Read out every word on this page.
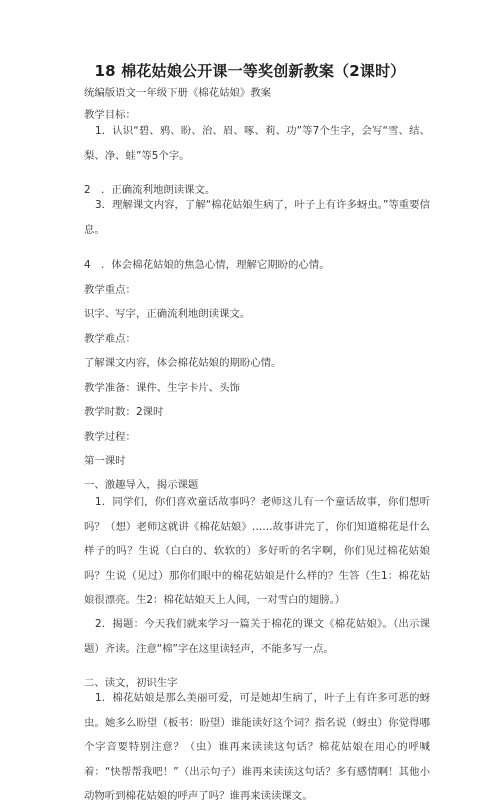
18 棉花姑娘公开课一等奖创新教案（2课时）
统编版语文一年级下册《棉花姑娘》教案
教学目标：
1．认识“碧、鸦、盼、治、眉、啄、莉、功”等7个生字，会写“雪、结、梨、净、蛙”等5个字。
2　．正确流利地朗读课文。
3．理解课文内容，了解“棉花姑娘生病了，叶子上有许多蚜虫。”等重要信息。
4　．体会棉花姑娘的焦急心情，理解它期盼的心情。
教学重点：
识字、写字，正确流利地朗读课文。
教学难点：
了解课文内容，体会棉花姑娘的期盼心情。
教学准备：课件、生字卡片、头饰
教学时数：2课时
教学过程：
第一课时
一、激趣导入，揭示课题
1．同学们，你们喜欢童话故事吗？老师这儿有一个童话故事，你们想听吗？（想）老师这就讲《棉花姑娘》……故事讲完了，你们知道棉花是什么样子的吗？生说（白白的、软软的）多好听的名字啊，你们见过棉花姑娘吗？生说（见过）那你们眼中的棉花姑娘是什么样的？生答（生1：棉花姑娘很漂亮。生2：棉花姑娘天上人间，一对雪白的翅膀。）
2．揭题：今天我们就来学习一篇关于棉花的课文《棉花姑娘》。（出示课题）齐读。注意“棉”字在这里读轻声，不能多写一点。
二、读文，初识生字
1．棉花姑娘是那么美丽可爱，可是她却生病了，叶子上有许多可恶的蚜虫。她多么盼望（板书：盼望）谁能读好这个词？指名说（蚜虫）你觉得哪个字音要特别注意？（虫）谁再来读读这句话？棉花姑娘在用心的呼喊着：“快帮帮我吧！”（出示句子）谁再来读读这句话？多有感情啊！其他小动物听到棉花姑娘的呼声了吗？谁再来读读课文。
